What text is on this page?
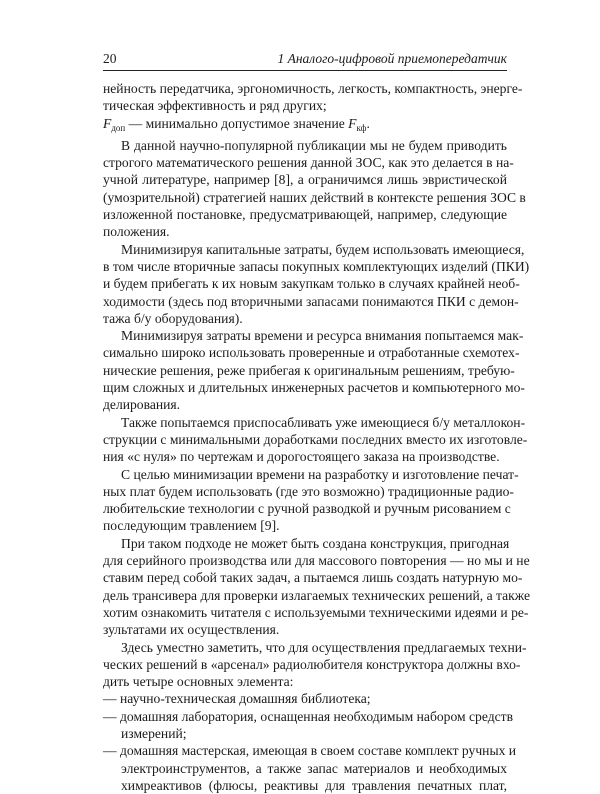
20	1 Аналого-цифровой приемопередатчик
нейность передатчика, эргономичность, легкость, компактность, энерге-
тическая эффективность и ряд других;
$F_{доп}$ — минимально допустимое значение $F_{кф}$.
В данной научно-популярной публикации мы не будем приводить
строгого математического решения данной ЗОС, как это делается в на-
учной литературе, например [8], а ограничимся лишь эвристической
(умозрительной) стратегией наших действий в контексте решения ЗОС в
изложенной постановке, предусматривающей, например, следующие
положения.
Минимизируя капитальные затраты, будем использовать имеющиеся,
в том числе вторичные запасы покупных комплектующих изделий (ПКИ)
и будем прибегать к их новым закупкам только в случаях крайней необ-
ходимости (здесь под вторичными запасами понимаются ПКИ с демон-
тажа б/у оборудования).
Минимизируя затраты времени и ресурса внимания попытаемся мак-
симально широко использовать проверенные и отработанные схемотех-
нические решения, реже прибегая к оригинальным решениям, требую-
щим сложных и длительных инженерных расчетов и компьютерного мо-
делирования.
Также попытаемся приспосабливать уже имеющиеся б/у металлокон-
струкции с минимальными доработками последних вместо их изготовле-
ния «с нуля» по чертежам и дорогостоящего заказа на производстве.
С целью минимизации времени на разработку и изготовление печат-
ных плат будем использовать (где это возможно) традиционные радио-
любительские технологии с ручной разводкой и ручным рисованием с
последующим травлением [9].
При таком подходе не может быть создана конструкция, пригодная
для серийного производства или для массового повторения — но мы и не
ставим перед собой таких задач, а пытаемся лишь создать натурную мо-
дель трансивера для проверки излагаемых технических решений, а также
хотим ознакомить читателя с используемыми техническими идеями и ре-
зультатами их осуществления.
Здесь уместно заметить, что для осуществления предлагаемых техни-
ческих решений в «арсенал» радиолюбителя конструктора должны вхо-
дить четыре основных элемента:
— научно-техническая домашняя библиотека;
— домашняя лаборатория, оснащенная необходимым набором средств
измерений;
— домашняя мастерская, имеющая в своем составе комплект ручных и
электроинструментов, а также запас материалов и необходимых
химреактивов (флюсы, реактивы для травления печатных плат,
